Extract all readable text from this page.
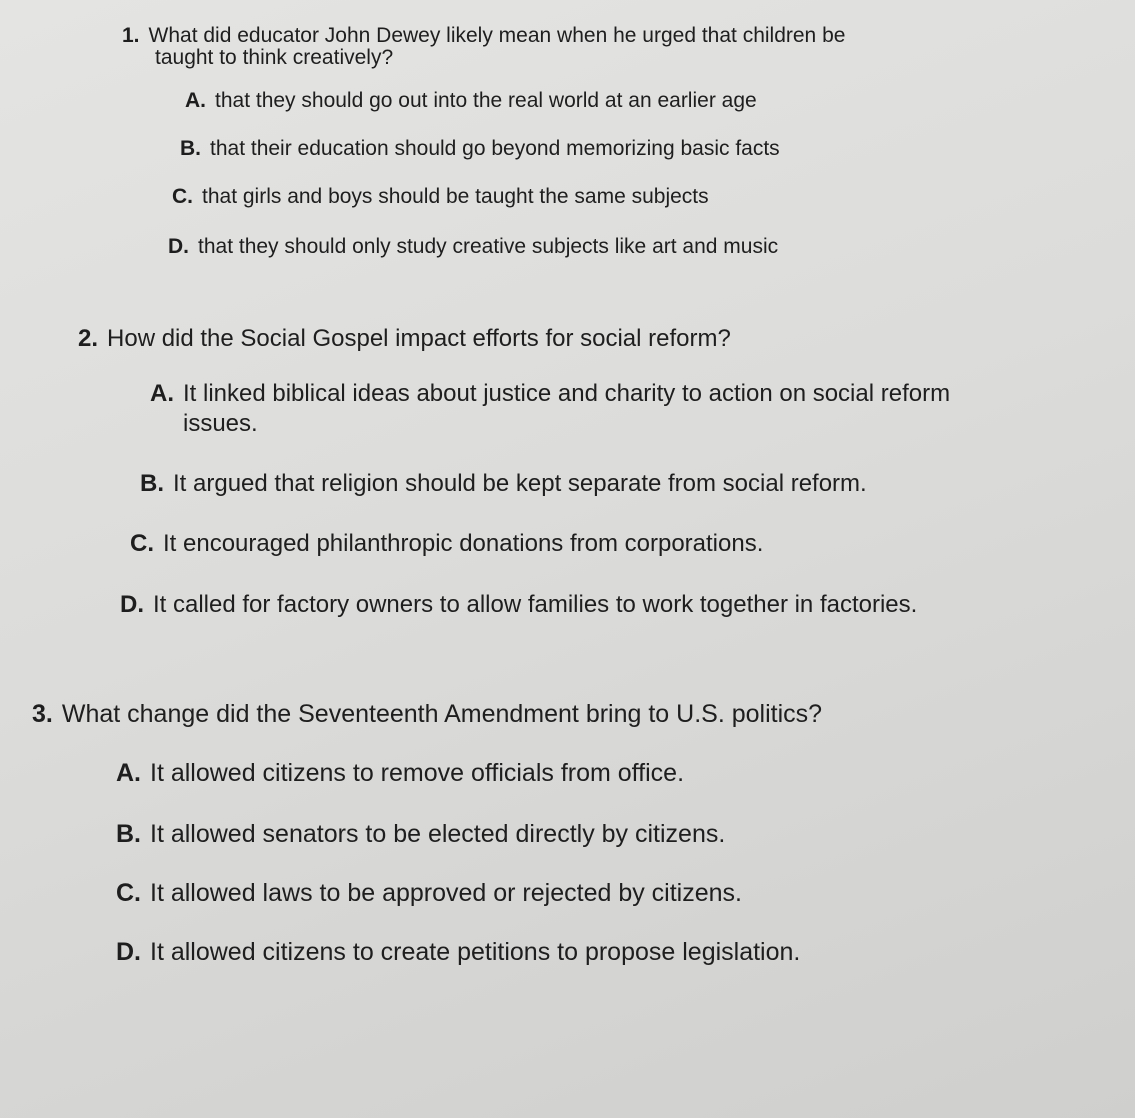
1. What did educator John Dewey likely mean when he urged that children be
taught to think creatively?
A. that they should go out into the real world at an earlier age
B. that their education should go beyond memorizing basic facts
C. that girls and boys should be taught the same subjects
D. that they should only study creative subjects like art and music
2. How did the Social Gospel impact efforts for social reform?
A. It linked biblical ideas about justice and charity to action on social reform
issues.
B. It argued that religion should be kept separate from social reform.
C. It encouraged philanthropic donations from corporations.
D. It called for factory owners to allow families to work together in factories.
3. What change did the Seventeenth Amendment bring to U.S. politics?
A. It allowed citizens to remove officials from office.
B. It allowed senators to be elected directly by citizens.
C. It allowed laws to be approved or rejected by citizens.
D. It allowed citizens to create petitions to propose legislation.
